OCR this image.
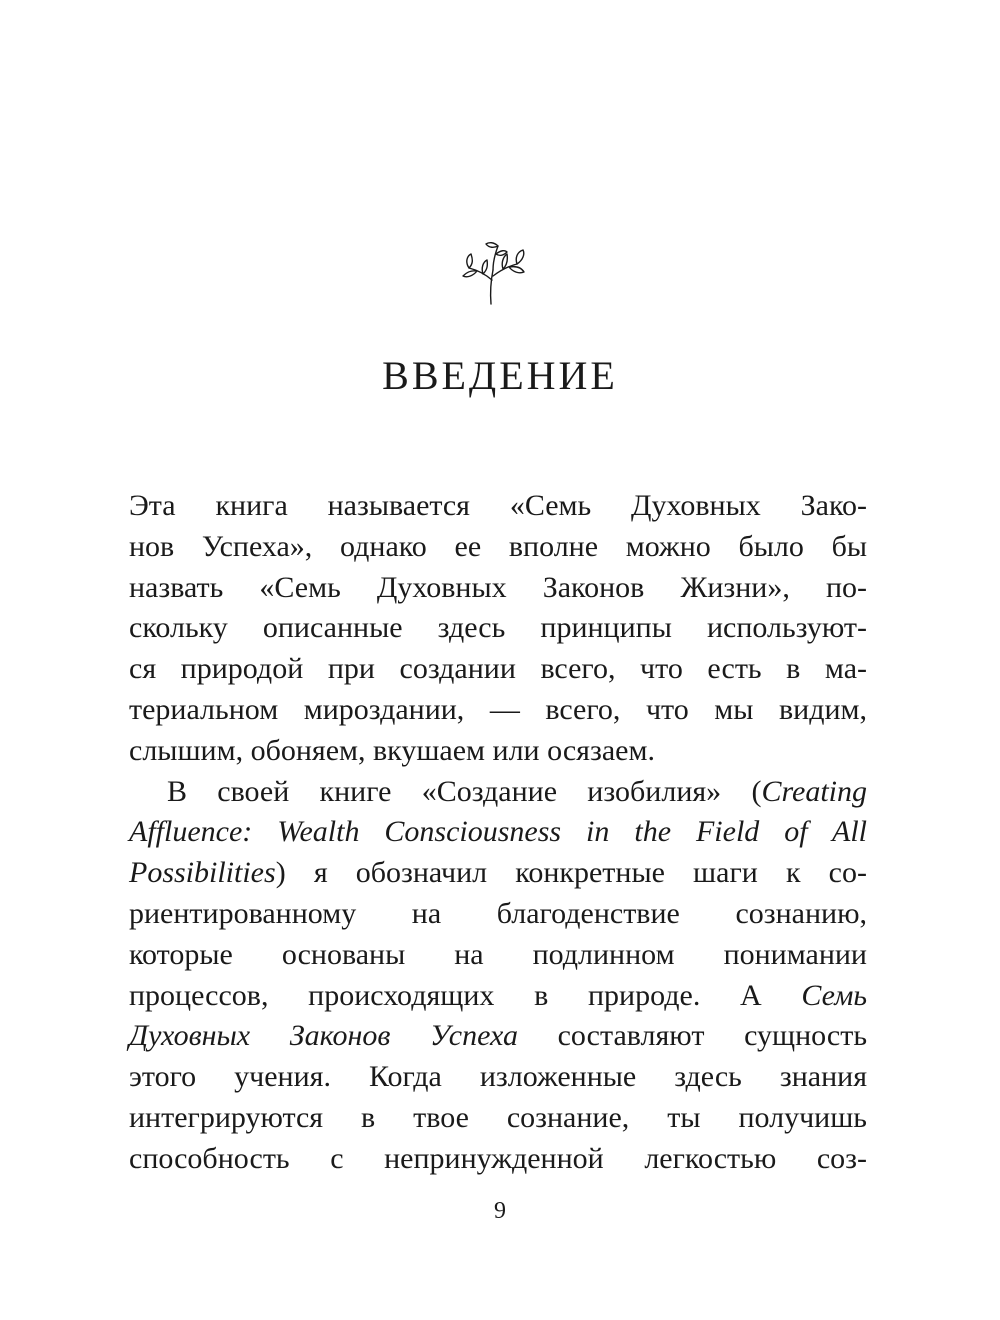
ВВЕДЕНИЕ
Эта книга называется «Семь Духовных Зако-
нов Успеха», однако ее вполне можно было бы
назвать «Семь Духовных Законов Жизни», по-
скольку описанные здесь принципы используют-
ся природой при создании всего, что есть в ма-
териальном мироздании, — всего, что мы видим,
слышим, обоняем, вкушаем или осязаем.
В своей книге «Создание изобилия» (Creating
Affluence: Wealth Consciousness in the Field of All
Possibilities) я обозначил конкретные шаги к со-
риентированному на благоденствие сознанию,
которые основаны на подлинном понимании
процессов, происходящих в природе. А Семь
Духовных Законов Успеха составляют сущность
этого учения. Когда изложенные здесь знания
интегрируются в твое сознание, ты получишь
способность с непринужденной легкостью соз-
9
